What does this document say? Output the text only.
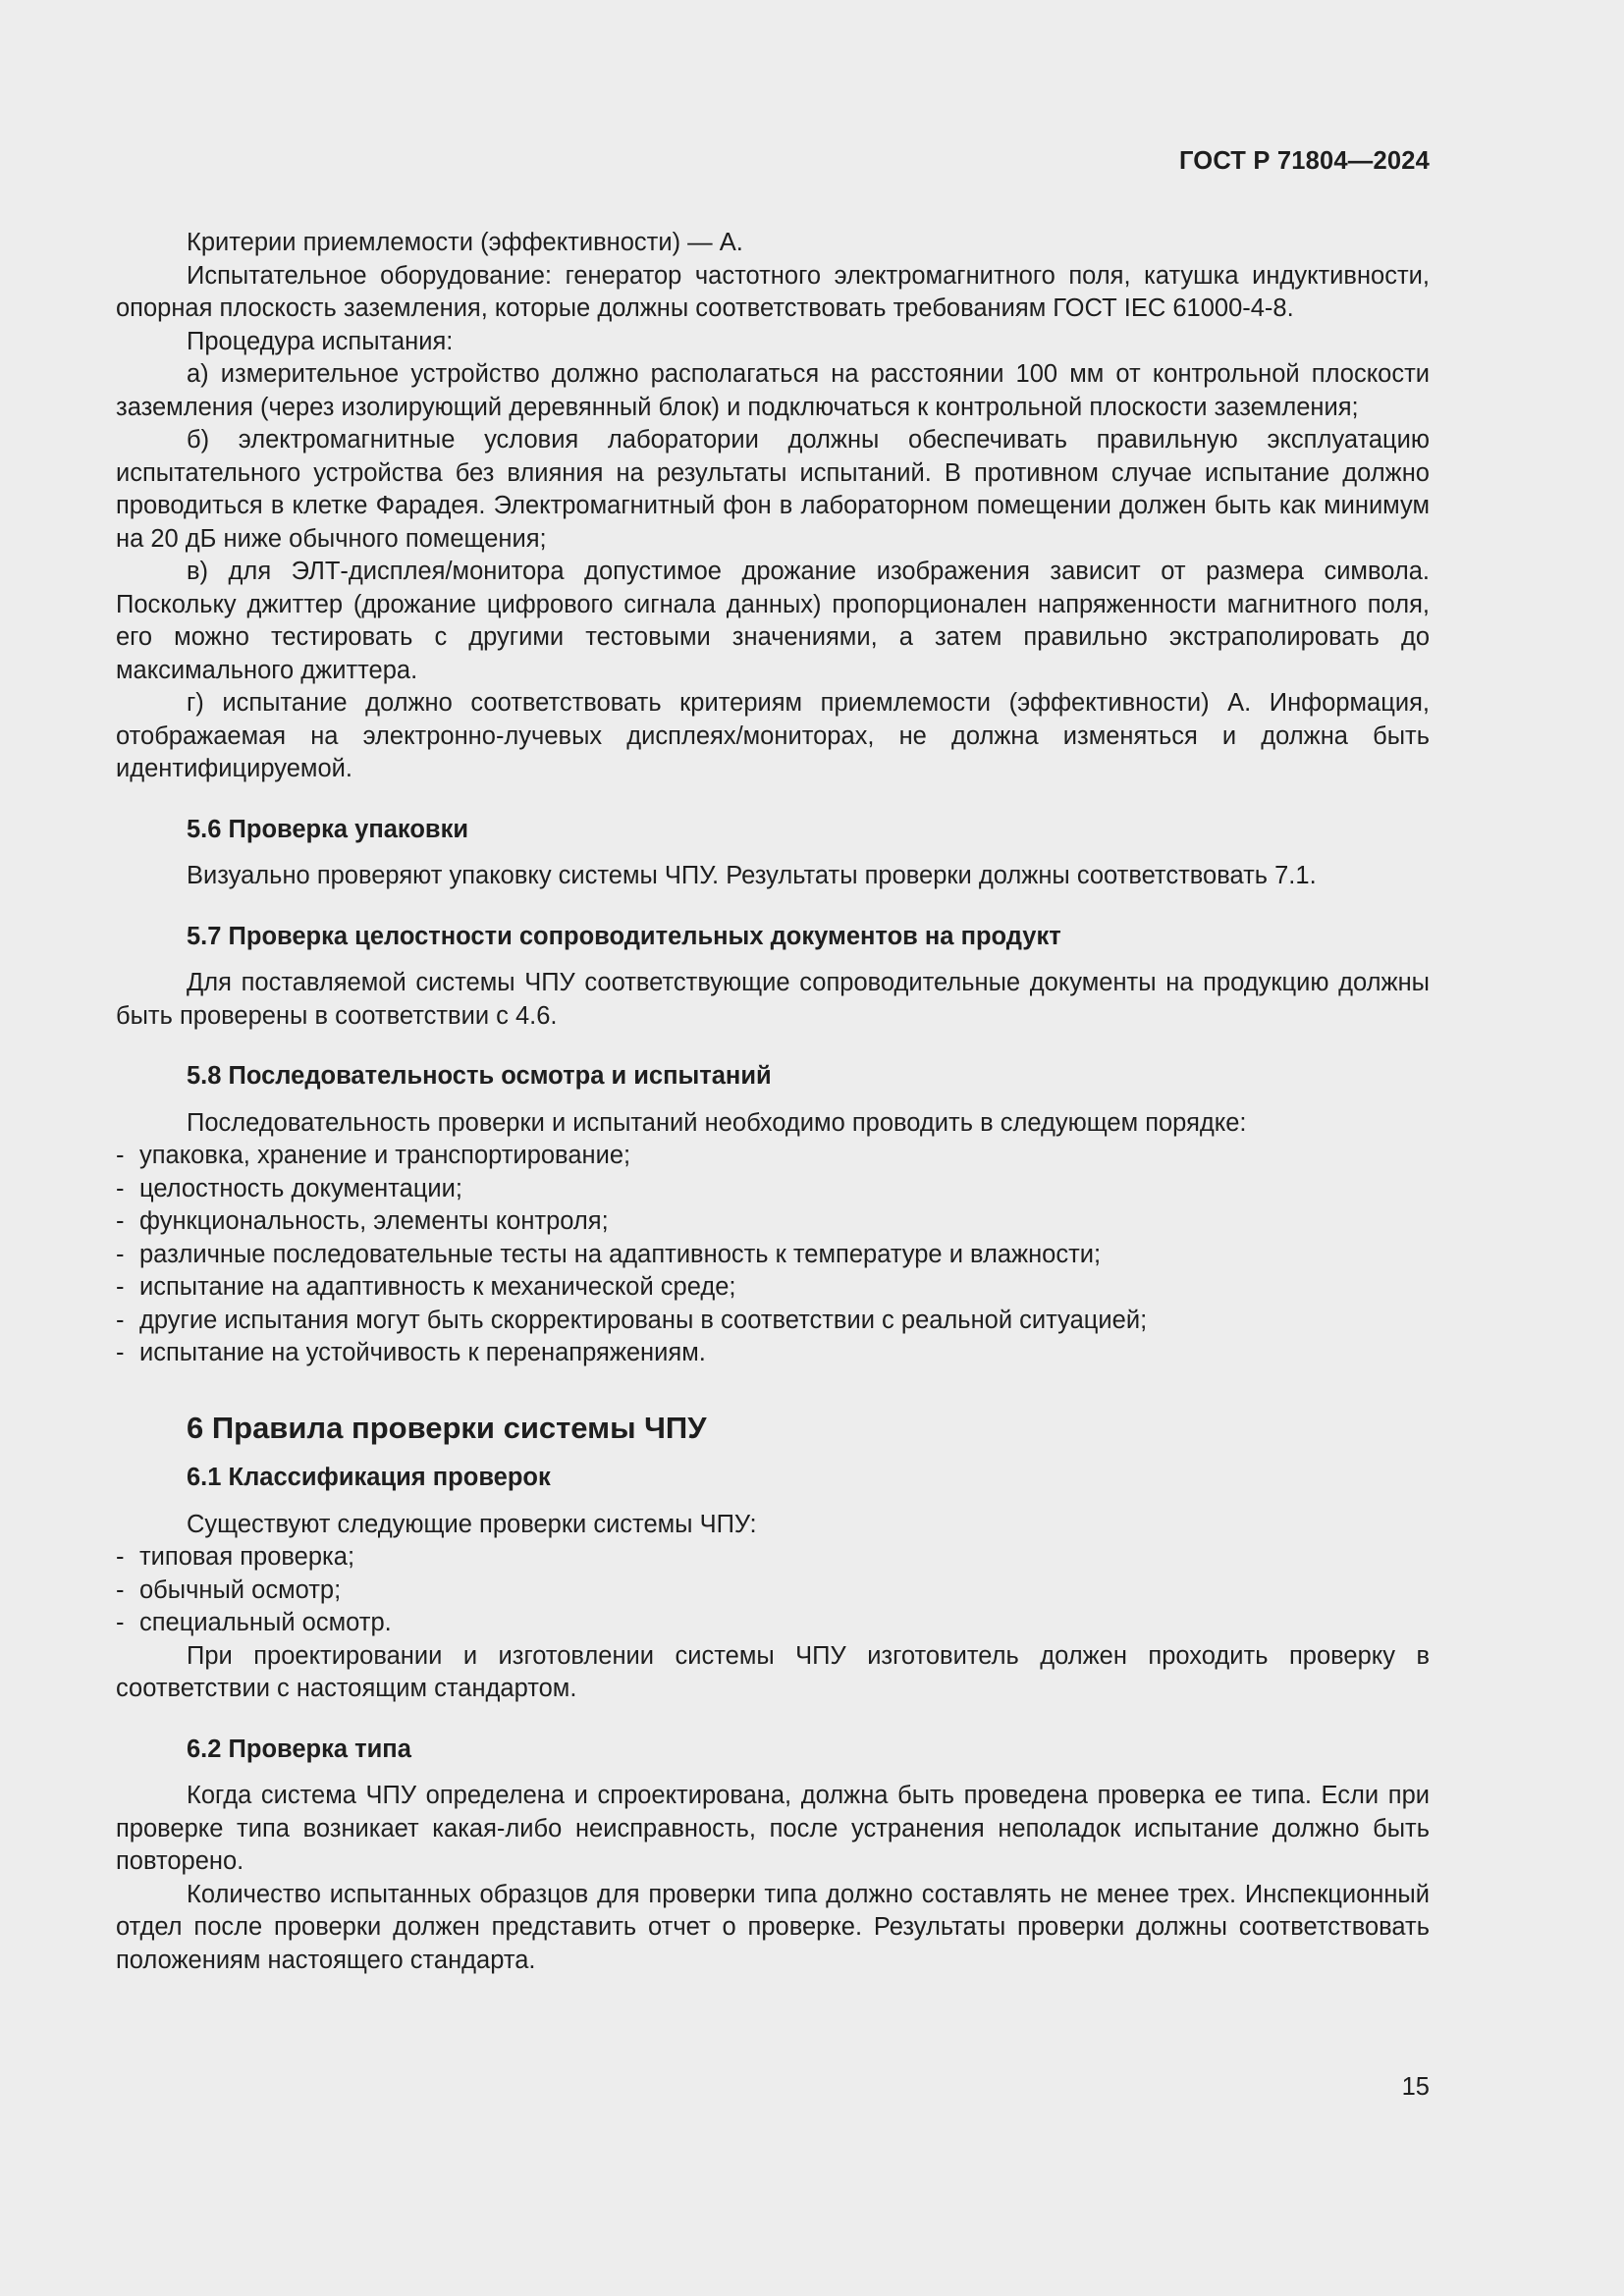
ГОСТ Р 71804—2024

Критерии приемлемости (эффективности) — А.

Испытательное оборудование: генератор частотного электромагнитного поля, катушка индуктивности, опорная плоскость заземления, которые должны соответствовать требованиям ГОСТ IEC 61000-4-8.

Процедура испытания:

а) измерительное устройство должно располагаться на расстоянии 100 мм от контрольной плоскости заземления (через изолирующий деревянный блок) и подключаться к контрольной плоскости заземления;

б) электромагнитные условия лаборатории должны обеспечивать правильную эксплуатацию испытательного устройства без влияния на результаты испытаний. В противном случае испытание должно проводиться в клетке Фарадея. Электромагнитный фон в лабораторном помещении должен быть как минимум на 20 дБ ниже обычного помещения;

в) для ЭЛТ-дисплея/монитора допустимое дрожание изображения зависит от размера символа. Поскольку джиттер (дрожание цифрового сигнала данных) пропорционален напряженности магнитного поля, его можно тестировать с другими тестовыми значениями, а затем правильно экстраполировать до максимального джиттера.

г) испытание должно соответствовать критериям приемлемости (эффективности) А. Информация, отображаемая на электронно-лучевых дисплеях/мониторах, не должна изменяться и должна быть идентифицируемой.

5.6 Проверка упаковки

Визуально проверяют упаковку системы ЧПУ. Результаты проверки должны соответствовать 7.1.

5.7 Проверка целостности сопроводительных документов на продукт

Для поставляемой системы ЧПУ соответствующие сопроводительные документы на продукцию должны быть проверены в соответствии с 4.6.

5.8 Последовательность осмотра и испытаний

Последовательность проверки и испытаний необходимо проводить в следующем порядке:

- упаковка, хранение и транспортирование;
- целостность документации;
- функциональность, элементы контроля;
- различные последовательные тесты на адаптивность к температуре и влажности;
- испытание на адаптивность к механической среде;
- другие испытания могут быть скорректированы в соответствии с реальной ситуацией;
- испытание на устойчивость к перенапряжениям.
6 Правила проверки системы ЧПУ
6.1 Классификация проверок

Существуют следующие проверки системы ЧПУ:

- типовая проверка;
- обычный осмотр;
- специальный осмотр.

При проектировании и изготовлении системы ЧПУ изготовитель должен проходить проверку в соответствии с настоящим стандартом.

6.2 Проверка типа

Когда система ЧПУ определена и спроектирована, должна быть проведена проверка ее типа. Если при проверке типа возникает какая-либо неисправность, после устранения неполадок испытание должно быть повторено.

Количество испытанных образцов для проверки типа должно составлять не менее трех. Инспекционный отдел после проверки должен представить отчет о проверке. Результаты проверки должны соответствовать положениям настоящего стандарта.

15
